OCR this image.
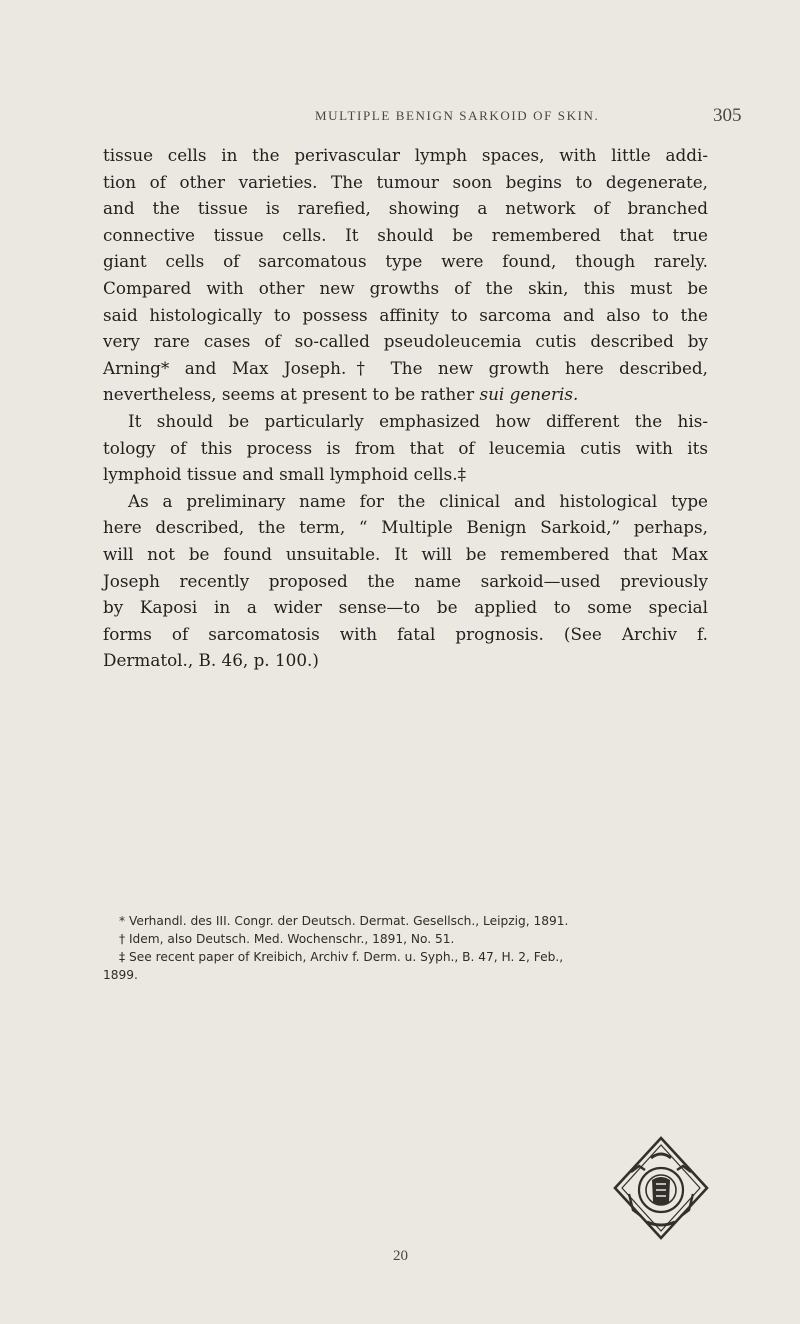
MULTIPLE BENIGN SARKOID OF SKIN.	305

tissue cells in the perivascular lymph spaces, with little addi-
tion of other varieties. The tumour soon begins to degenerate,
and the tissue is rarefied, showing a network of branched
connective tissue cells. It should be remembered that true
giant cells of sarcomatous type were found, though rarely.
Compared with other new growths of the skin, this must be
said histologically to possess affinity to sarcoma and also to the
very rare cases of so-called pseudoleucemia cutis described by
Arning* and Max Joseph.† The new growth here described,
nevertheless, seems at present to be rather sui generis.

It should be particularly emphasized how different the his-
tology of this process is from that of leucemia cutis with its
lymphoid tissue and small lymphoid cells.‡

As a preliminary name for the clinical and histological type
here described, the term, “ Multiple Benign Sarkoid,” perhaps,
will not be found unsuitable. It will be remembered that Max
Joseph recently proposed the name sarkoid—used previously
by Kaposi in a wider sense—to be applied to some special
forms of sarcomatosis with fatal prognosis. (See Archiv f.
Dermatol., B. 46, p. 100.)

* Verhandl. des III. Congr. der Deutsch. Dermat. Gesellsch., Leipzig, 1891.

† Idem, also Deutsch. Med. Wochenschr., 1891, No. 51.

‡ See recent paper of Kreibich, Archiv f. Derm. u. Syph., B. 47, H. 2, Feb.,

1899.

20
